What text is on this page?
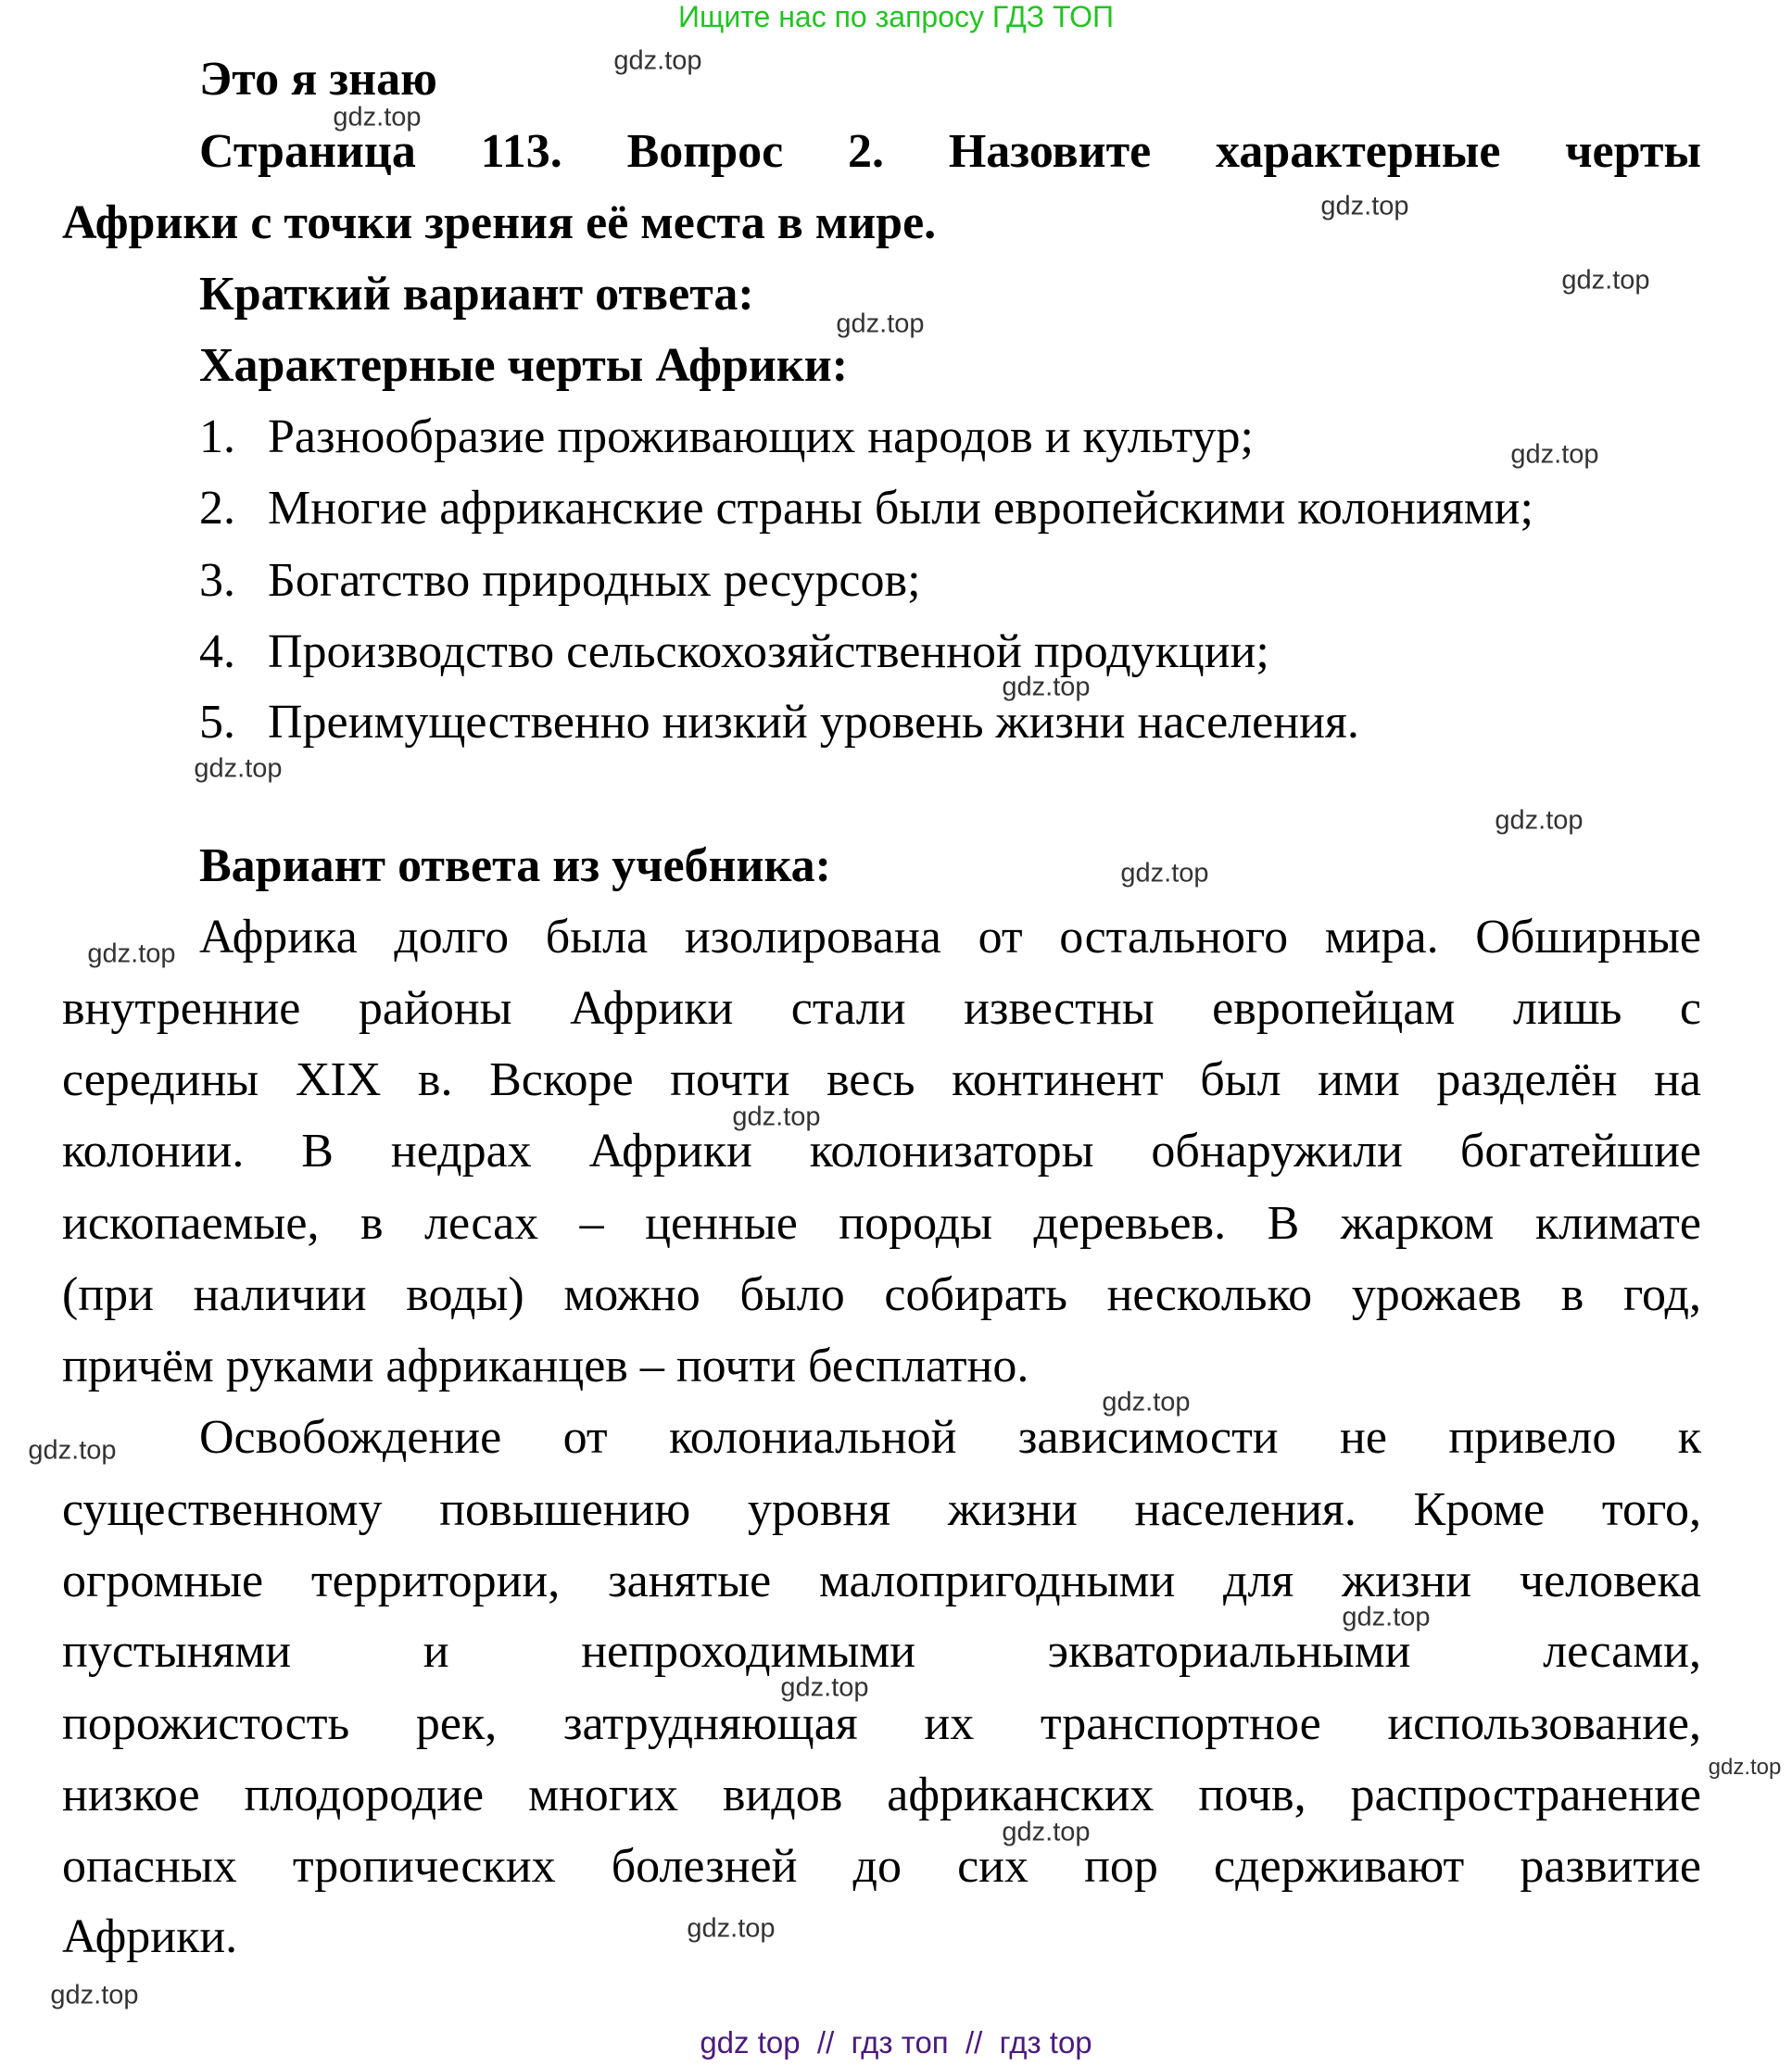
Ищите нас по запросу ГДЗ ТОП
Это я знаю
Страница 113. Вопрос 2. Назовите характерные черты
Африки с точки зрения её места в мире.
Краткий вариант ответа:
Характерные черты Африки:
1. Разнообразие проживающих народов и культур;
2. Многие африканские страны были европейскими колониями;
3. Богатство природных ресурсов;
4. Производство сельскохозяйственной продукции;
5. Преимущественно низкий уровень жизни населения.
Вариант ответа из учебника:
Африка долго была изолирована от остального мира. Обширные
внутренние районы Африки стали известны европейцам лишь с
середины XIX в. Вскоре почти весь континент был ими разделён на
колонии. В недрах Африки колонизаторы обнаружили богатейшие
ископаемые, в лесах – ценные породы деревьев. В жарком климате
(при наличии воды) можно было собирать несколько урожаев в год,
причём руками африканцев – почти бесплатно.
Освобождение от колониальной зависимости не привело к
существенному повышению уровня жизни населения. Кроме того,
огромные территории, занятые малопригодными для жизни человека
пустынями и непроходимыми экваториальными лесами,
порожистость рек, затрудняющая их транспортное использование,
низкое плодородие многих видов африканских почв, распространение
опасных тропических болезней до сих пор сдерживают развитие
Африки.
gdz.top
gdz.top
gdz.top
gdz.top
gdz.top
gdz.top
gdz.top
gdz.top
gdz.top
gdz.top
gdz.top
gdz.top
gdz.top
gdz.top
gdz.top
gdz.top
gdz.top
gdz.top
gdz.top
gdz.top
gdz top  //  гдз топ  //  гдз top
